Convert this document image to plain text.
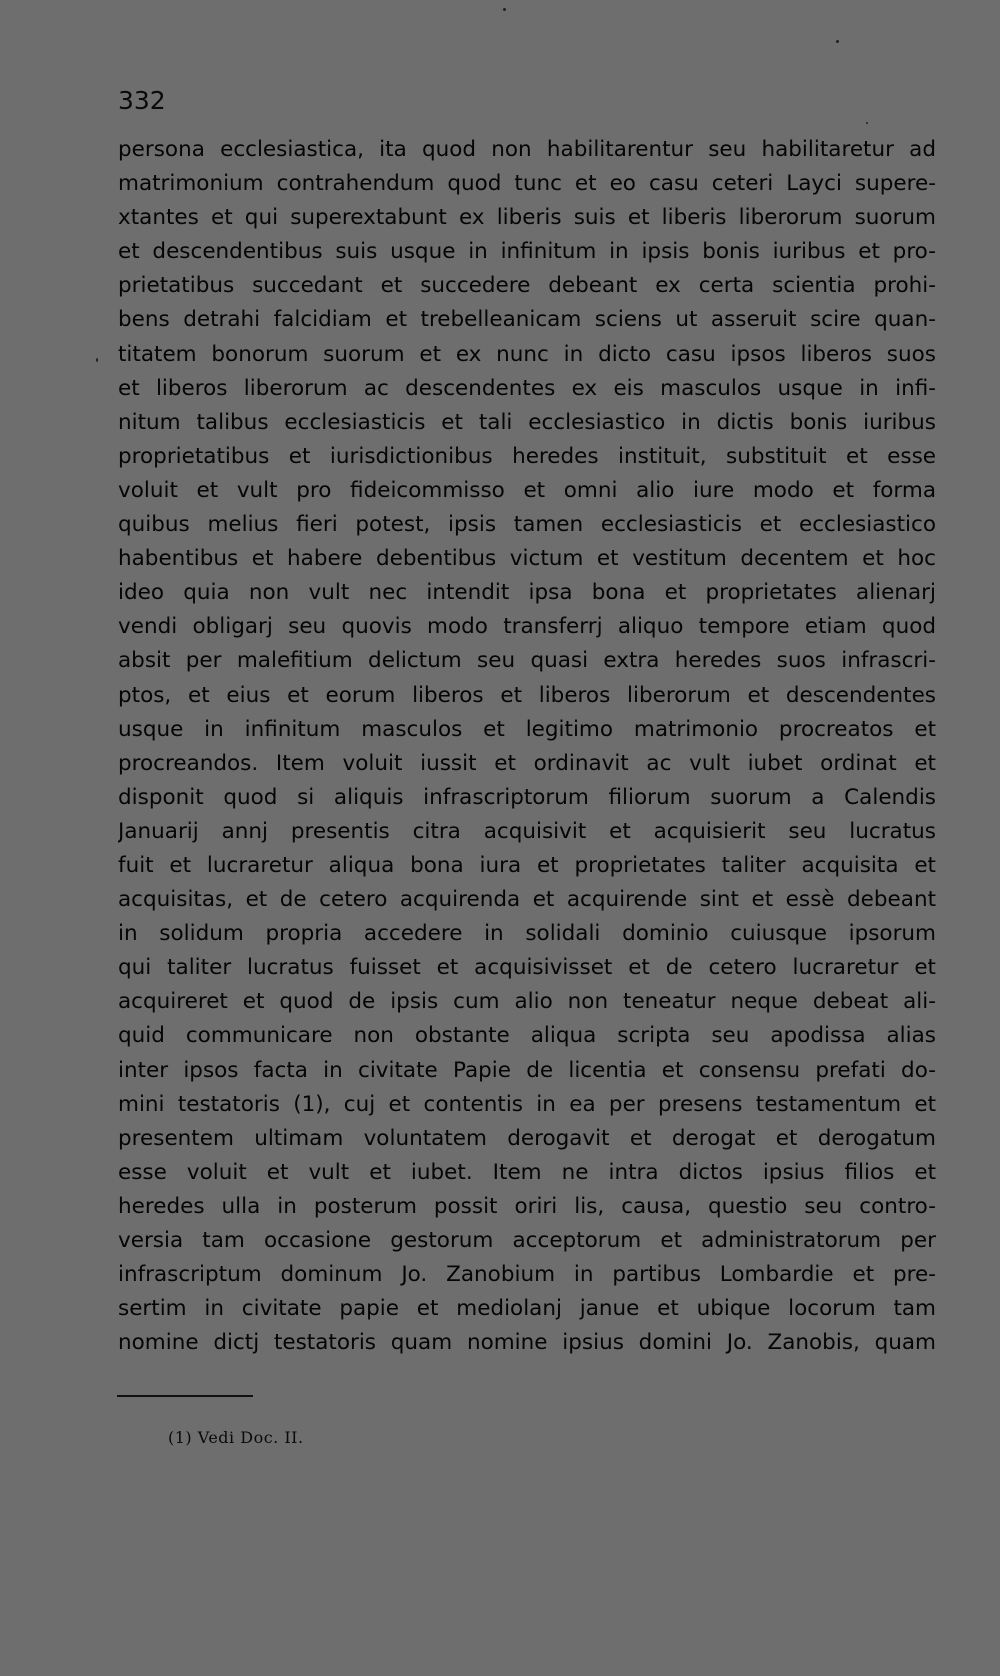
332
persona ecclesiastica, ita quod non habilitarentur seu habilitaretur ad
matrimonium contrahendum quod tunc et eo casu ceteri Layci supere-
xtantes et qui superextabunt ex liberis suis et liberis liberorum suorum
et descendentibus suis usque in infinitum in ipsis bonis iuribus et pro-
prietatibus succedant et succedere debeant ex certa scientia prohi-
bens detrahi falcidiam et trebelleanicam sciens ut asseruit scire quan-
titatem bonorum suorum et ex nunc in dicto casu ipsos liberos suos
et liberos liberorum ac descendentes ex eis masculos usque in infi-
nitum talibus ecclesiasticis et tali ecclesiastico in dictis bonis iuribus
proprietatibus et iurisdictionibus heredes instituit, substituit et esse
voluit et vult pro fideicommisso et omni alio iure modo et forma
quibus melius fieri potest, ipsis tamen ecclesiasticis et ecclesiastico
habentibus et habere debentibus victum et vestitum decentem et hoc
ideo quia non vult nec intendit ipsa bona et proprietates alienarj
vendi obligarj seu quovis modo transferrj aliquo tempore etiam quod
absit per malefitium delictum seu quasi extra heredes suos infrascri-
ptos, et eius et eorum liberos et liberos liberorum et descendentes
usque in infinitum masculos et legitimo matrimonio procreatos et
procreandos. Item voluit iussit et ordinavit ac vult iubet ordinat et
disponit quod si aliquis infrascriptorum filiorum suorum a Calendis
Januarij annj presentis citra acquisivit et acquisierit seu lucratus
fuit et lucraretur aliqua bona iura et proprietates taliter acquisita et
acquisitas, et de cetero acquirenda et acquirende sint et essè debeant
in solidum propria accedere in solidali dominio cuiusque ipsorum
qui taliter lucratus fuisset et acquisivisset et de cetero lucraretur et
acquireret et quod de ipsis cum alio non teneatur neque debeat ali-
quid communicare non obstante aliqua scripta seu apodissa alias
inter ipsos facta in civitate Papie de licentia et consensu prefati do-
mini testatoris (1), cuj et contentis in ea per presens testamentum et
presentem ultimam voluntatem derogavit et derogat et derogatum
esse voluit et vult et iubet. Item ne intra dictos ipsius filios et
heredes ulla in posterum possit oriri lis, causa, questio seu contro-
versia tam occasione gestorum acceptorum et administratorum per
infrascriptum dominum Jo. Zanobium in partibus Lombardie et pre-
sertim in civitate papie et mediolanj janue et ubique locorum tam
nomine dictj testatoris quam nomine ipsius domini Jo. Zanobis, quam
(1) Vedi Doc. II.
